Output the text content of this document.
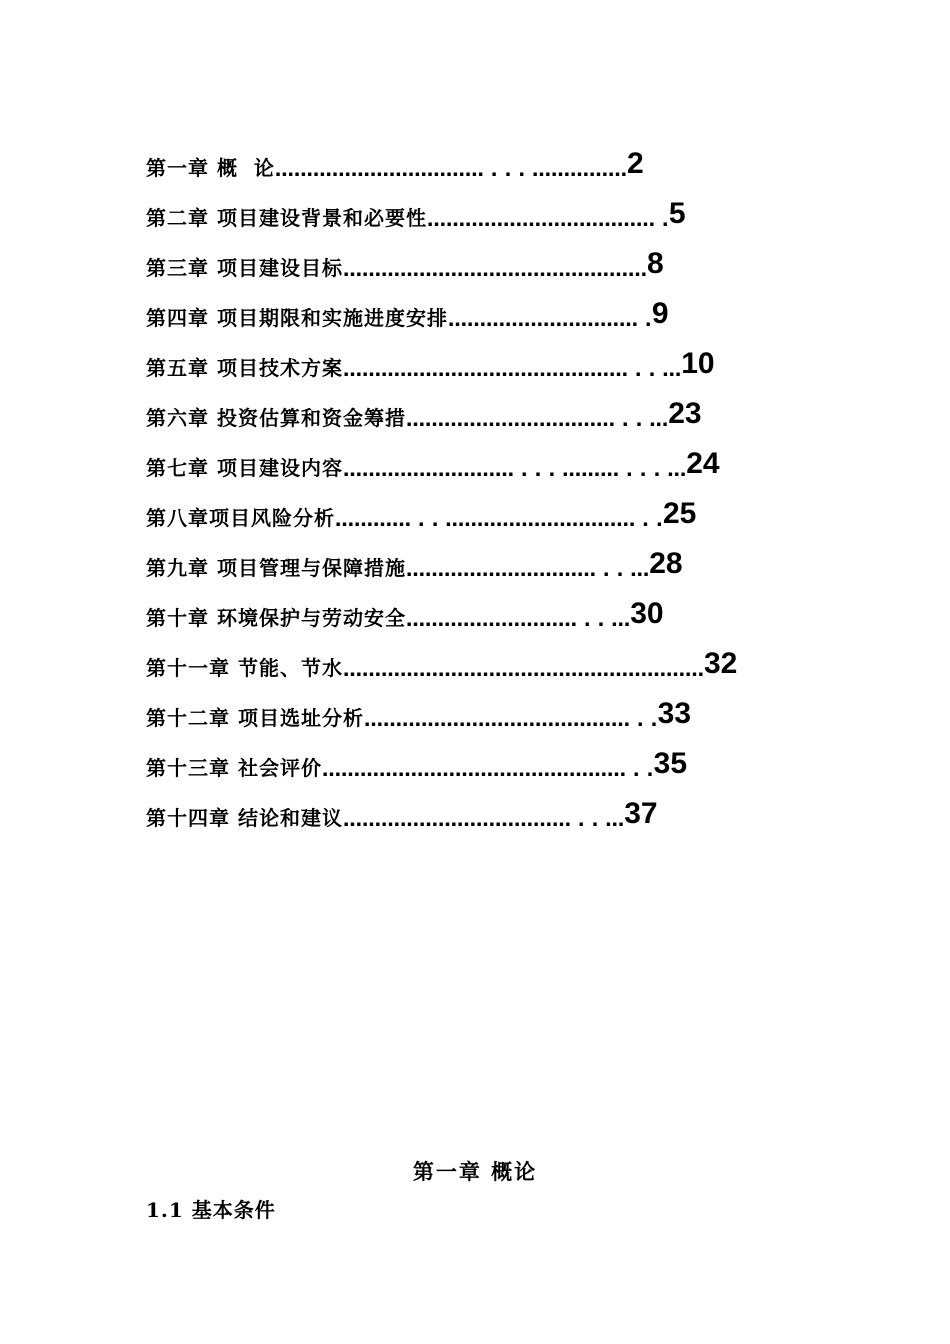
第一章 概  论 …………………………… . . . …………… 2
第二章 项目建设背景和必要性 ……………………………… . 5
第三章 项目建设目标 ………………………………………… 8
第四章 项目期限和实施进度安排 ………………………… . 9
第五章 项目技术方案 ……………………………………… . . … 10
第六章 投资估算和资金筹措 …………………………… . . … 23
第七章 项目建设内容 ……………………… . . . ……… . . . … 24
第八章项目风险分析 ………… . . ………………………… . . 25
第九章 项目管理与保障措施 ………………………… . . … 28
第十章 环境保护与劳动安全 ……………………… . . … 30
第十一章 节能、节水 ………………………………………………… 32
第十二章 项目选址分析 …………………………………… . . 33
第十三章 社会评价 ………………………………………… . . 35
第十四章 结论和建议 ……………………………… . . … 37
第一章 概论
1.1 基本条件
